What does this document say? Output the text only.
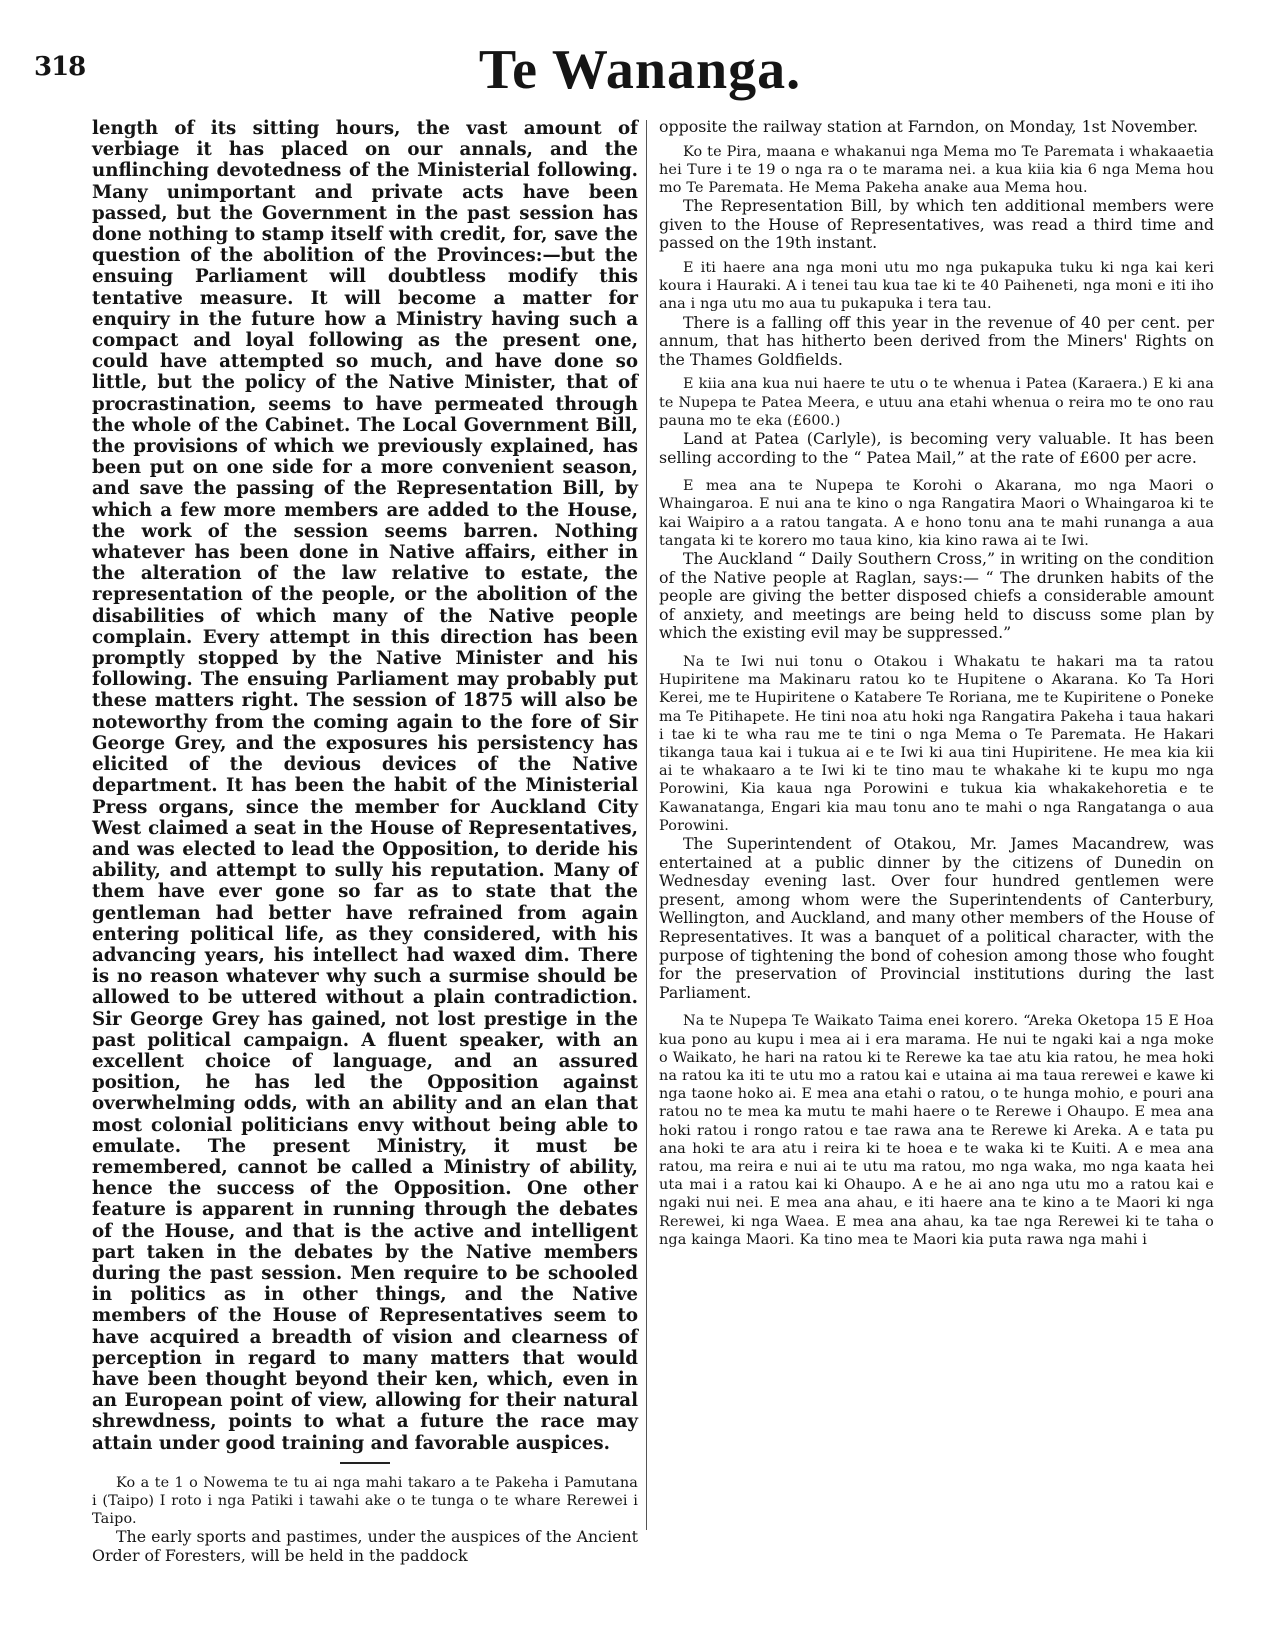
318	Te Wananga.

length of its sitting hours, the vast amount of verbiage it has placed on our annals, and the unflinching devotedness of the Ministerial following. Many unimportant and private acts have been passed, but the Government in the past session has done nothing to stamp itself with credit, for, save the question of the abolition of the Provinces:—but the ensuing Parliament will doubtless modify this tentative measure. It will become a matter for enquiry in the future how a Ministry having such a compact and loyal following as the present one, could have attempted so much, and have done so little, but the policy of the Native Minister, that of procrastination, seems to have permeated through the whole of the Cabinet. The Local Government Bill, the provisions of which we previously explained, has been put on one side for a more convenient season, and save the passing of the Representation Bill, by which a few more members are added to the House, the work of the session seems barren. Nothing whatever has been done in Native affairs, either in the alteration of the law relative to estate, the representation of the people, or the abolition of the disabilities of which many of the Native people complain. Every attempt in this direction has been promptly stopped by the Native Minister and his following. The ensuing Parliament may probably put these matters right. The session of 1875 will also be noteworthy from the coming again to the fore of Sir George Grey, and the exposures his persistency has elicited of the devious devices of the Native department. It has been the habit of the Ministerial Press organs, since the member for Auckland City West claimed a seat in the House of Representatives, and was elected to lead the Opposition, to deride his ability, and attempt to sully his reputation. Many of them have ever gone so far as to state that the gentleman had better have refrained from again entering political life, as they considered, with his advancing years, his intellect had waxed dim. There is no reason whatever why such a surmise should be allowed to be uttered without a plain contradiction. Sir George Grey has gained, not lost prestige in the past political campaign. A fluent speaker, with an excellent choice of language, and an assured position, he has led the Opposition against overwhelming odds, with an ability and an elan that most colonial politicians envy without being able to emulate. The present Ministry, it must be remembered, cannot be called a Ministry of ability, hence the success of the Opposition. One other feature is apparent in running through the debates of the House, and that is the active and intelligent part taken in the debates by the Native members during the past session. Men require to be schooled in politics as in other things, and the Native members of the House of Representatives seem to have acquired a breadth of vision and clearness of perception in regard to many matters that would have been thought beyond their ken, which, even in an European point of view, allowing for their natural shrewdness, points to what a future the race may attain under good training and favorable auspices.

Ko a te 1 o Nowema te tu ai nga mahi takaro a te Pakeha i Pamutana i (Taipo) I roto i nga Patiki i tawahi ake o te tunga o te whare Rerewei i Taipo.

The early sports and pastimes, under the auspices of the Ancient Order of Foresters, will be held in the paddock

opposite the railway station at Farndon, on Monday, 1st November.

Ko te Pira, maana e whakanui nga Mema mo Te Paremata i whakaaetia hei Ture i te 19 o nga ra o te marama nei. a kua kiia kia 6 nga Mema hou mo Te Paremata. He Mema Pakeha anake aua Mema hou.

The Representation Bill, by which ten additional members were given to the House of Representatives, was read a third time and passed on the 19th instant.

E iti haere ana nga moni utu mo nga pukapuka tuku ki nga kai keri koura i Hauraki. A i tenei tau kua tae ki te 40 Paiheneti, nga moni e iti iho ana i nga utu mo aua tu pukapuka i tera tau.

There is a falling off this year in the revenue of 40 per cent. per annum, that has hitherto been derived from the Miners' Rights on the Thames Goldfields.

E kiia ana kua nui haere te utu o te whenua i Patea (Karaera.) E ki ana te Nupepa te Patea Meera, e utuu ana etahi whenua o reira mo te ono rau pauna mo te eka (£600.)

Land at Patea (Carlyle), is becoming very valuable. It has been selling according to the “ Patea Mail,” at the rate of £600 per acre.

E mea ana te Nupepa te Korohi o Akarana, mo nga Maori o Whaingaroa. E nui ana te kino o nga Rangatira Maori o Whaingaroa ki te kai Waipiro a a ratou tangata. A e hono tonu ana te mahi runanga a aua tangata ki te korero mo taua kino, kia kino rawa ai te Iwi.

The Auckland “ Daily Southern Cross,” in writing on the condition of the Native people at Raglan, says:— “ The drunken habits of the people are giving the better disposed chiefs a considerable amount of anxiety, and meetings are being held to discuss some plan by which the existing evil may be suppressed.”

Na te Iwi nui tonu o Otakou i Whakatu te hakari ma ta ratou Hupiritene ma Makinaru ratou ko te Hupitene o Akarana. Ko Ta Hori Kerei, me te Hupiritene o Katabere Te Roriana, me te Kupiritene o Poneke ma Te Pitihapete. He tini noa atu hoki nga Rangatira Pakeha i taua hakari i tae ki te wha rau me te tini o nga Mema o Te Paremata. He Hakari tikanga taua kai i tukua ai e te Iwi ki aua tini Hupiritene. He mea kia kii ai te whakaaro a te Iwi ki te tino mau te whakahe ki te kupu mo nga Porowini, Kia kaua nga Porowini e tukua kia whakakehoretia e te Kawanatanga, Engari kia mau tonu ano te mahi o nga Rangatanga o aua Porowini.

The Superintendent of Otakou, Mr. James Macandrew, was entertained at a public dinner by the citizens of Dunedin on Wednesday evening last. Over four hundred gentlemen were present, among whom were the Superintendents of Canterbury, Wellington, and Auckland, and many other members of the House of Representatives. It was a banquet of a political character, with the purpose of tightening the bond of cohesion among those who fought for the preservation of Provincial institutions during the last Parliament.

Na te Nupepa Te Waikato Taima enei korero. “Areka Oketopa 15 E Hoa kua pono au kupu i mea ai i era marama. He nui te ngaki kai a nga moke o Waikato, he hari na ratou ki te Rerewe ka tae atu kia ratou, he mea hoki na ratou ka iti te utu mo a ratou kai e utaina ai ma taua rerewei e kawe ki nga taone hoko ai. E mea ana etahi o ratou, o te hunga mohio, e pouri ana ratou no te mea ka mutu te mahi haere o te Rerewe i Ohaupo. E mea ana hoki ratou i rongo ratou e tae rawa ana te Rerewe ki Areka. A e tata pu ana hoki te ara atu i reira ki te hoea e te waka ki te Kuiti. A e mea ana ratou, ma reira e nui ai te utu ma ratou, mo nga waka, mo nga kaata hei uta mai i a ratou kai ki Ohaupo. A e he ai ano nga utu mo a ratou kai e ngaki nui nei. E mea ana ahau, e iti haere ana te kino a te Maori ki nga Rerewei, ki nga Waea. E mea ana ahau, ka tae nga Rerewei ki te taha o nga kainga Maori. Ka tino mea te Maori kia puta rawa nga mahi i
